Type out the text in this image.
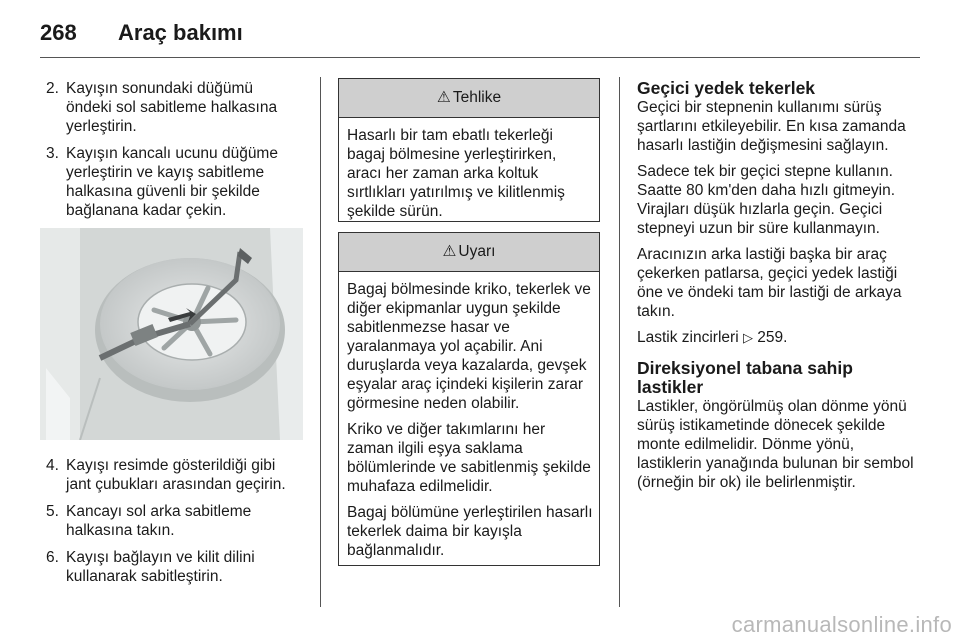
268 Araç bakımı
2. Kayışın sonundaki düğümü öndeki sol sabitleme halkasına yerleştirin.
3. Kayışın kancalı ucunu düğüme yerleştirin ve kayış sabitleme halkasına güvenli bir şekilde bağlanana kadar çekin.
4. Kayışı resimde gösterildiği gibi jant çubukları arasından geçirin.
5. Kancayı sol arka sabitleme halkasına takın.
6. Kayışı bağlayın ve kilit dilini kullanarak sabitleştirin.
⚠ Tehlike

Hasarlı bir tam ebatlı tekerleği bagaj bölmesine yerleştirirken, aracı her zaman arka koltuk sırtlıkları yatırılmış ve kilitlenmiş şekilde sürün.

⚠ Uyarı

Bagaj bölmesinde kriko, tekerlek ve diğer ekipmanlar uygun şekilde sabitlenmezse hasar ve yaralanmaya yol açabilir. Ani duruşlarda veya kazalarda, gevşek eşyalar araç içindeki kişilerin zarar görmesine neden olabilir.

Kriko ve diğer takımlarını her zaman ilgili eşya saklama bölümlerinde ve sabitlenmiş şekilde muhafaza edilmelidir.

Bagaj bölümüne yerleştirilen hasarlı tekerlek daima bir kayışla bağlanmalıdır.

Geçici yedek tekerlek

Geçici bir stepnenin kullanımı sürüş şartlarını etkileyebilir. En kısa zamanda hasarlı lastiğin değişmesini sağlayın.

Sadece tek bir geçici stepne kullanın. Saatte 80 km'den daha hızlı gitmeyin. Virajları düşük hızlarla geçin. Geçici stepneyi uzun bir süre kullanmayın.

Aracınızın arka lastiği başka bir araç çekerken patlarsa, geçici yedek lastiği öne ve öndeki tam bir lastiği de arkaya takın.

Lastik zincirleri ▷ 259.

Direksiyonel tabana sahip lastikler

Lastikler, öngörülmüş olan dönme yönü sürüş istikametinde dönecek şekilde monte edilmelidir. Dönme yönü, lastiklerin yanağında bulunan bir sembol (örneğin bir ok) ile belirlenmiştir.

carmanualsonline.info
